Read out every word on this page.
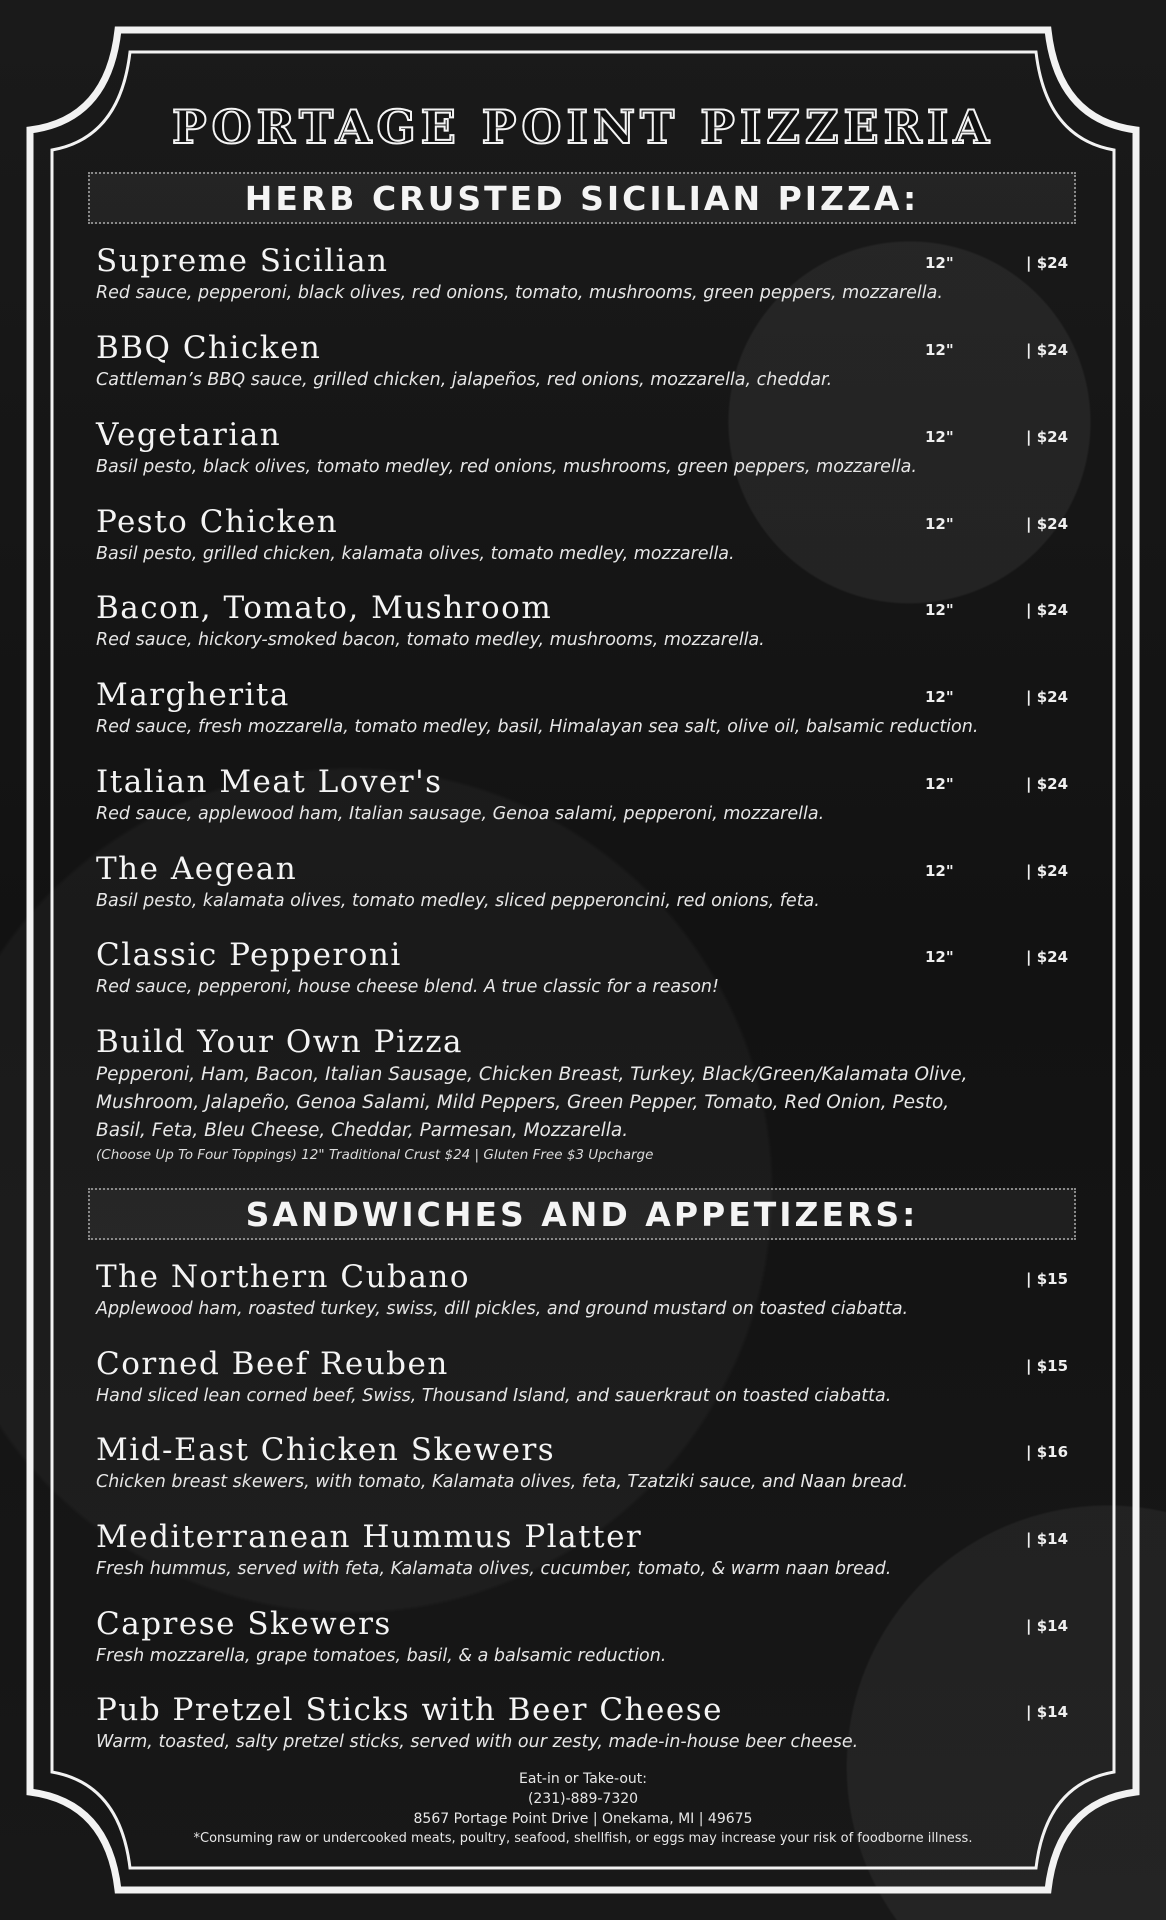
PORTAGE POINT PIZZERIA
HERB CRUSTED SICILIAN PIZZA:
Supreme Sicilian
Red sauce, pepperoni, black olives, red onions, tomato, mushrooms, green peppers, mozzarella.
12"	| $24
BBQ Chicken
Cattleman’s BBQ sauce, grilled chicken, jalapeños, red onions, mozzarella, cheddar.
12"	| $24
Vegetarian
Basil pesto, black olives, tomato medley, red onions, mushrooms, green peppers, mozzarella.
12"	| $24
Pesto Chicken
Basil pesto, grilled chicken, kalamata olives, tomato medley, mozzarella.
12"	| $24
Bacon, Tomato, Mushroom
Red sauce, hickory-smoked bacon, tomato medley, mushrooms, mozzarella.
12"	| $24
Margherita
Red sauce, fresh mozzarella, tomato medley, basil, Himalayan sea salt, olive oil, balsamic reduction.
12"	| $24
Italian Meat Lover's
Red sauce, applewood ham, Italian sausage, Genoa salami, pepperoni, mozzarella.
12"	| $24
The Aegean
Basil pesto, kalamata olives, tomato medley, sliced pepperoncini, red onions, feta.
12"	| $24
Classic Pepperoni
Red sauce, pepperoni, house cheese blend. A true classic for a reason!
12"	| $24
Build Your Own Pizza
Pepperoni, Ham, Bacon, Italian Sausage, Chicken Breast, Turkey, Black/Green/Kalamata Olive, Mushroom, Jalapeño, Genoa Salami, Mild Peppers, Green Pepper, Tomato, Red Onion, Pesto, Basil, Feta, Bleu Cheese, Cheddar, Parmesan, Mozzarella.
(Choose Up To Four Toppings) 12" Traditional Crust $24 | Gluten Free $3 Upcharge
SANDWICHES AND APPETIZERS:
The Northern Cubano
Applewood ham, roasted turkey, swiss, dill pickles, and ground mustard on toasted ciabatta.
| $15
Corned Beef Reuben
Hand sliced lean corned beef, Swiss, Thousand Island, and sauerkraut on toasted ciabatta.
| $15
Mid-East Chicken Skewers
Chicken breast skewers, with tomato, Kalamata olives, feta, Tzatziki sauce, and Naan bread.
| $16
Mediterranean Hummus Platter
Fresh hummus, served with feta, Kalamata olives, cucumber, tomato, & warm naan bread.
| $14
Caprese Skewers
Fresh mozzarella, grape tomatoes, basil, & a balsamic reduction.
| $14
Pub Pretzel Sticks with Beer Cheese
Warm, toasted, salty pretzel sticks, served with our zesty, made-in-house beer cheese.
| $14
Eat-in or Take-out:
(231)-889-7320
8567 Portage Point Drive | Onekama, MI | 49675
*Consuming raw or undercooked meats, poultry, seafood, shellfish, or eggs may increase your risk of foodborne illness.
